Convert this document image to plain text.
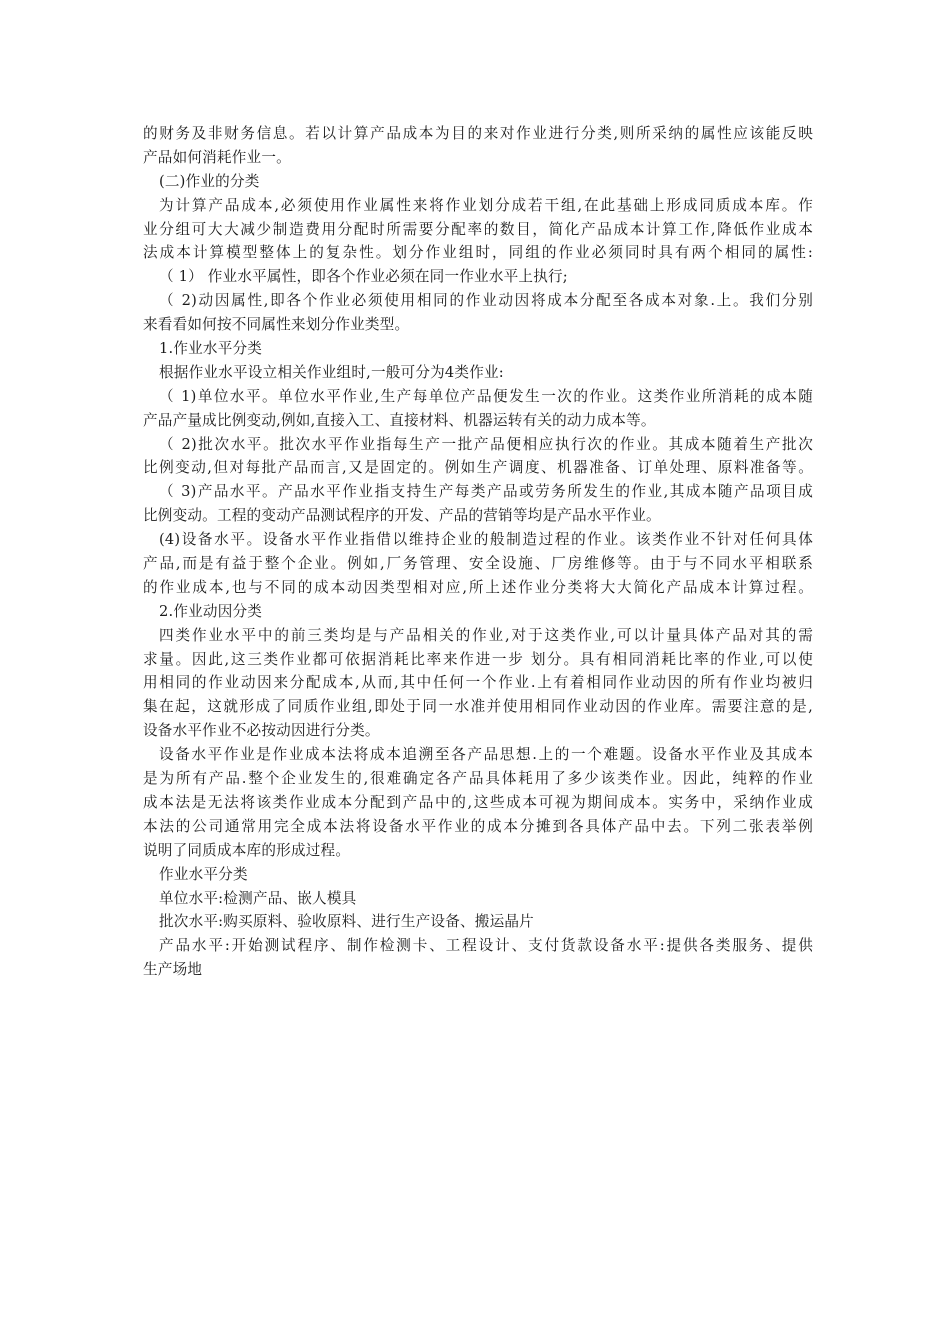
的财务及非财务信息。若以计算产品成本为目的来对作业进行分类,则所采纳的属性应该能反映
产品如何消耗作业一。
(二)作业的分类
为计算产品成本,必须使用作业属性来将作业划分成若干组,在此基础上形成同质成本库。作
业分组可大大减少制造费用分配时所需要分配率的数目，简化产品成本计算工作,降低作业成本
法成本计算模型整体上的复杂性。划分作业组时，同组的作业必须同时具有两个相同的属性:
（ 1） 作业水平属性，即各个作业必须在同一作业水平上执行;
（ 2)动因属性,即各个作业必须使用相同的作业动因将成本分配至各成本对象.上。我们分别
来看看如何按不同属性来划分作业类型。
1.作业水平分类
根据作业水平设立相关作业组时,一般可分为4类作业:
（ 1)单位水平。单位水平作业,生产每单位产品便发生一次的作业。这类作业所消耗的成本随
产品产量成比例变动,例如,直接入工、直接材料、机器运转有关的动力成本等。
（ 2)批次水平。批次水平作业指每生产一批产品便相应执行次的作业。其成本随着生产批次
比例变动,但对每批产品而言,又是固定的。例如生产调度、机器准备、订单处理、原料准备等。
（ 3)产品水平。产品水平作业指支持生产每类产品或劳务所发生的作业,其成本随产品项目成
比例变动。工程的变动产品测试程序的开发、产品的营销等均是产品水平作业。
(4)设备水平。设备水平作业指借以维持企业的般制造过程的作业。该类作业不针对任何具体
产品,而是有益于整个企业。例如,厂务管理、安全设施、厂房维修等。由于与不同水平相联系
的作业成本,也与不同的成本动因类型相对应,所上述作业分类将大大简化产品成本计算过程。
2.作业动因分类
四类作业水平中的前三类均是与产品相关的作业,对于这类作业,可以计量具体产品对其的需
求量。因此,这三类作业都可依据消耗比率来作进一步 划分。具有相同消耗比率的作业,可以使
用相同的作业动因来分配成本,从而,其中任何一个作业.上有着相同作业动因的所有作业均被归
集在起，这就形成了同质作业组,即处于同一水准并使用相同作业动因的作业库。需要注意的是,
设备水平作业不必按动因进行分类。
设备水平作业是作业成本法将成本追溯至各产品思想.上的一个难题。设备水平作业及其成本
是为所有产品.整个企业发生的,很难确定各产品具体耗用了多少该类作业。因此，纯粹的作业
成本法是无法将该类作业成本分配到产品中的,这些成本可视为期间成本。实务中，采纳作业成
本法的公司通常用完全成本法将设备水平作业的成本分摊到各具体产品中去。下列二张表举例
说明了同质成本库的形成过程。
作业水平分类
单位水平:检测产品、嵌人模具
批次水平:购买原料、验收原料、进行生产设备、搬运晶片
产品水平:开始测试程序、制作检测卡、工程设计、支付货款设备水平:提供各类服务、提供
生产场地
